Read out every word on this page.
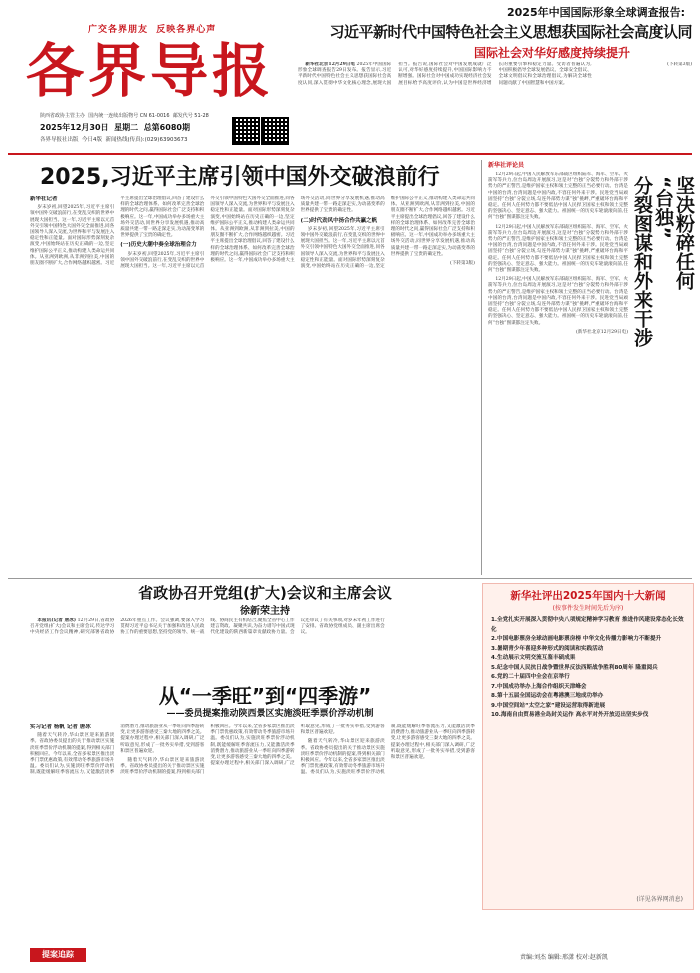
广交各界朋友 反映各界心声
各界导报
陕西省政协主管主办 国内统一连续出版物号 CN 61-0016 邮发代号 51-28
2025年12月30日 星期二 总第6080期
各界导报社出版 今日4版 新闻热线(传真):(029)63903673
2025年中国国际形象全球调查报告:
习近平新时代中国特色社会主义思想获国际社会高度认同
国际社会对华好感度持续提升

新华社北京12月29日电 2025年中国国际形象全球调查报告29日发布。报告显示,习近平新时代中国特色社会主义思想获国际社会高度认同,深入贯彻中华文化核心理念,展现大国担当。报告说,国际社会对中国发展成就广泛认可,对华好感度持续提升,中国国际影响力不断增强。国际社会对中国成功实现经济社会发展目标给予高度评价,认为中国是世界经济增长的重要引擎和稳定力量。受访者普遍认为,中国积极倡导全球发展倡议、全球安全倡议、全球文明倡议和全球治理倡议,为解决全球性问题贡献了中国智慧和中国方案。

(下转第3版)

2025,习近平主席引领中国外交破浪前行

新华社记者

岁末岁初,回望2025年,习近平主席引领中国外交破浪前行,在变乱交织的世界中展现大国担当。这一年,习近平主席以元首外交引领中国特色大国外交全面推进,同各国领导人深入交流,为世界和平与发展注入稳定性和正能量。面对国际形势深刻复杂演变,中国始终站在历史正确的一边,坚定维护国际公平正义,推动构建人类命运共同体。从亚洲到欧洲,从非洲到拉美,中国的朋友圈不断扩大,合作网络越织越密。习近平主席提出全球治理倡议,回答了建设什么样的全球治理体系、如何改革完善全球治理的时代之问,赢得国际社会广泛支持和积极响应。这一年,中国成功举办多场重大主场外交活动,同世界分享发展机遇,推动高质量共建一带一路走深走实,为动荡变革的世界提供了宝贵的确定性。

(一)历史大潮中奏全球治理合力

岁末岁初,回望2025年,习近平主席引领中国外交破浪前行,在变乱交织的世界中展现大国担当。这一年,习近平主席以元首外交引领中国特色大国外交全面推进,同各国领导人深入交流,为世界和平与发展注入稳定性和正能量。面对国际形势深刻复杂演变,中国始终站在历史正确的一边,坚定维护国际公平正义,推动构建人类命运共同体。从亚洲到欧洲,从非洲到拉美,中国的朋友圈不断扩大,合作网络越织越密。习近平主席提出全球治理倡议,回答了建设什么样的全球治理体系、如何改革完善全球治理的时代之问,赢得国际社会广泛支持和积极响应。这一年,中国成功举办多场重大主场外交活动,同世界分享发展机遇,推动高质量共建一带一路走深走实,为动荡变革的世界提供了宝贵的确定性。

(二)时代劲风中扬合作共赢之帆

岁末岁初,回望2025年,习近平主席引领中国外交破浪前行,在变乱交织的世界中展现大国担当。这一年,习近平主席以元首外交引领中国特色大国外交全面推进,同各国领导人深入交流,为世界和平与发展注入稳定性和正能量。面对国际形势深刻复杂演变,中国始终站在历史正确的一边,坚定维护国际公平正义,推动构建人类命运共同体。从亚洲到欧洲,从非洲到拉美,中国的朋友圈不断扩大,合作网络越织越密。习近平主席提出全球治理倡议,回答了建设什么样的全球治理体系、如何改革完善全球治理的时代之问,赢得国际社会广泛支持和积极响应。这一年,中国成功举办多场重大主场外交活动,同世界分享发展机遇,推动高质量共建一带一路走深走实,为动荡变革的世界提供了宝贵的确定性。

(下转第3版)

新华社评论员
坚决粉碎任何
“台独”
分裂图谋和外来干涉

12月29日起,中国人民解放军东部战区组织陆军、海军、空军、火箭军等兵力,位台岛周边开展演习,这是对“台独”分裂势力和外部干涉势力的严正警告,是维护国家主权和领土完整的正当必要行动。台湾是中国的台湾,台湾问题是中国内政,不容任何外来干涉。民进党当局顽固坚持“台独”分裂立场,勾连外部势力谋“独”挑衅,严重破坏台海和平稳定。任何人任何势力都不要低估中国人民捍卫国家主权和领土完整的坚强决心、坚定意志、强大能力。祖国统一的历史车轮滚滚向前,任何“台独”图谋都注定失败。

12月29日起,中国人民解放军东部战区组织陆军、海军、空军、火箭军等兵力,位台岛周边开展演习,这是对“台独”分裂势力和外部干涉势力的严正警告,是维护国家主权和领土完整的正当必要行动。台湾是中国的台湾,台湾问题是中国内政,不容任何外来干涉。民进党当局顽固坚持“台独”分裂立场,勾连外部势力谋“独”挑衅,严重破坏台海和平稳定。任何人任何势力都不要低估中国人民捍卫国家主权和领土完整的坚强决心、坚定意志、强大能力。祖国统一的历史车轮滚滚向前,任何“台独”图谋都注定失败。

12月29日起,中国人民解放军东部战区组织陆军、海军、空军、火箭军等兵力,位台岛周边开展演习,这是对“台独”分裂势力和外部干涉势力的严正警告,是维护国家主权和领土完整的正当必要行动。台湾是中国的台湾,台湾问题是中国内政,不容任何外来干涉。民进党当局顽固坚持“台独”分裂立场,勾连外部势力谋“独”挑衅,严重破坏台海和平稳定。任何人任何势力都不要低估中国人民捍卫国家主权和领土完整的坚强决心、坚定意志、强大能力。祖国统一的历史车轮滚滚向前,任何“台独”图谋都注定失败。

(新华社北京12月29日电)

省政协召开党组(扩大)会议和主席会议
徐新荣主持

本报讯(记者 唐冰) 12月29日,省政协召开党组(扩大)会议和主席会议,传达学习中央经济工作会议精神,研究部署省政协2026年重点工作。会议强调,要深入学习贯彻习近平总书记关于加强和改进人民政协工作的重要思想,坚持党的领导、统一战线、协商民主有机结合,聚焦全省中心工作建言资政、凝聚共识,为奋力谱写中国式现代化建设的陕西新篇章贡献政协力量。会议还审议了有关事项,对岁末年初工作进行了安排。省政协党组成员、副主席出席会议。

从“一季旺”到“四季游”
——委员提案推动陕西景区实施淡旺季票价浮动机制

实习记者 杨帆 记者 唐冰

随着天气转冷,华山景区迎来旅游淡季。省政协委员提出的关于推动景区实施淡旺季票价浮动机制的提案,得到相关部门积极回应。今年以来,全省多家景区推出淡季门票优惠政策,有效带动冬季旅游市场升温。委员们认为,实施淡旺季票价浮动机制,既能缓解旺季客流压力,又能激活淡季消费潜力,推动旅游业从一季旺向四季游转变,让更多游客感受三秦大地的四季之美。提案办理过程中,相关部门深入调研,广泛听取意见,形成了一批务实举措,受到游客和景区普遍欢迎。

随着天气转冷,华山景区迎来旅游淡季。省政协委员提出的关于推动景区实施淡旺季票价浮动机制的提案,得到相关部门积极回应。今年以来,全省多家景区推出淡季门票优惠政策,有效带动冬季旅游市场升温。委员们认为,实施淡旺季票价浮动机制,既能缓解旺季客流压力,又能激活淡季消费潜力,推动旅游业从一季旺向四季游转变,让更多游客感受三秦大地的四季之美。提案办理过程中,相关部门深入调研,广泛听取意见,形成了一批务实举措,受到游客和景区普遍欢迎。

随着天气转冷,华山景区迎来旅游淡季。省政协委员提出的关于推动景区实施淡旺季票价浮动机制的提案,得到相关部门积极回应。今年以来,全省多家景区推出淡季门票优惠政策,有效带动冬季旅游市场升温。委员们认为,实施淡旺季票价浮动机制,既能缓解旺季客流压力,又能激活淡季消费潜力,推动旅游业从一季旺向四季游转变,让更多游客感受三秦大地的四季之美。提案办理过程中,相关部门深入调研,广泛听取意见,形成了一批务实举措,受到游客和景区普遍欢迎。

新华社评出2025年国内十大新闻
(按事件发生时间先后为序)
1.全党扎实开展深入贯彻中央八项规定精神学习教育 推进作风建设常态化长效化
2.中国电影票房全球动画电影票房榜 中华文化传播力影响力不断提升
3.暑期青少年喜迎多种形式的阅读和实践活动
4.生动展示文明交流互鉴丰硕成果
5.纪念中国人民抗日战争暨世界反法西斯战争胜利80周年 隆重阅兵
6.党的二十届四中全会在京举行
7.中国成功举办上海合作组织天津峰会
8.第十五届全国运动会在粤港澳三地成功举办
9.中国空间站“太空之家”建设运营取得新进展
10.海南自由贸易港全岛封关运作 高水平对外开放迈出坚实步伐
(详见各界网消息)
提案追踪	责编:刘杰 编辑:邢潇 校对:赵新凯
